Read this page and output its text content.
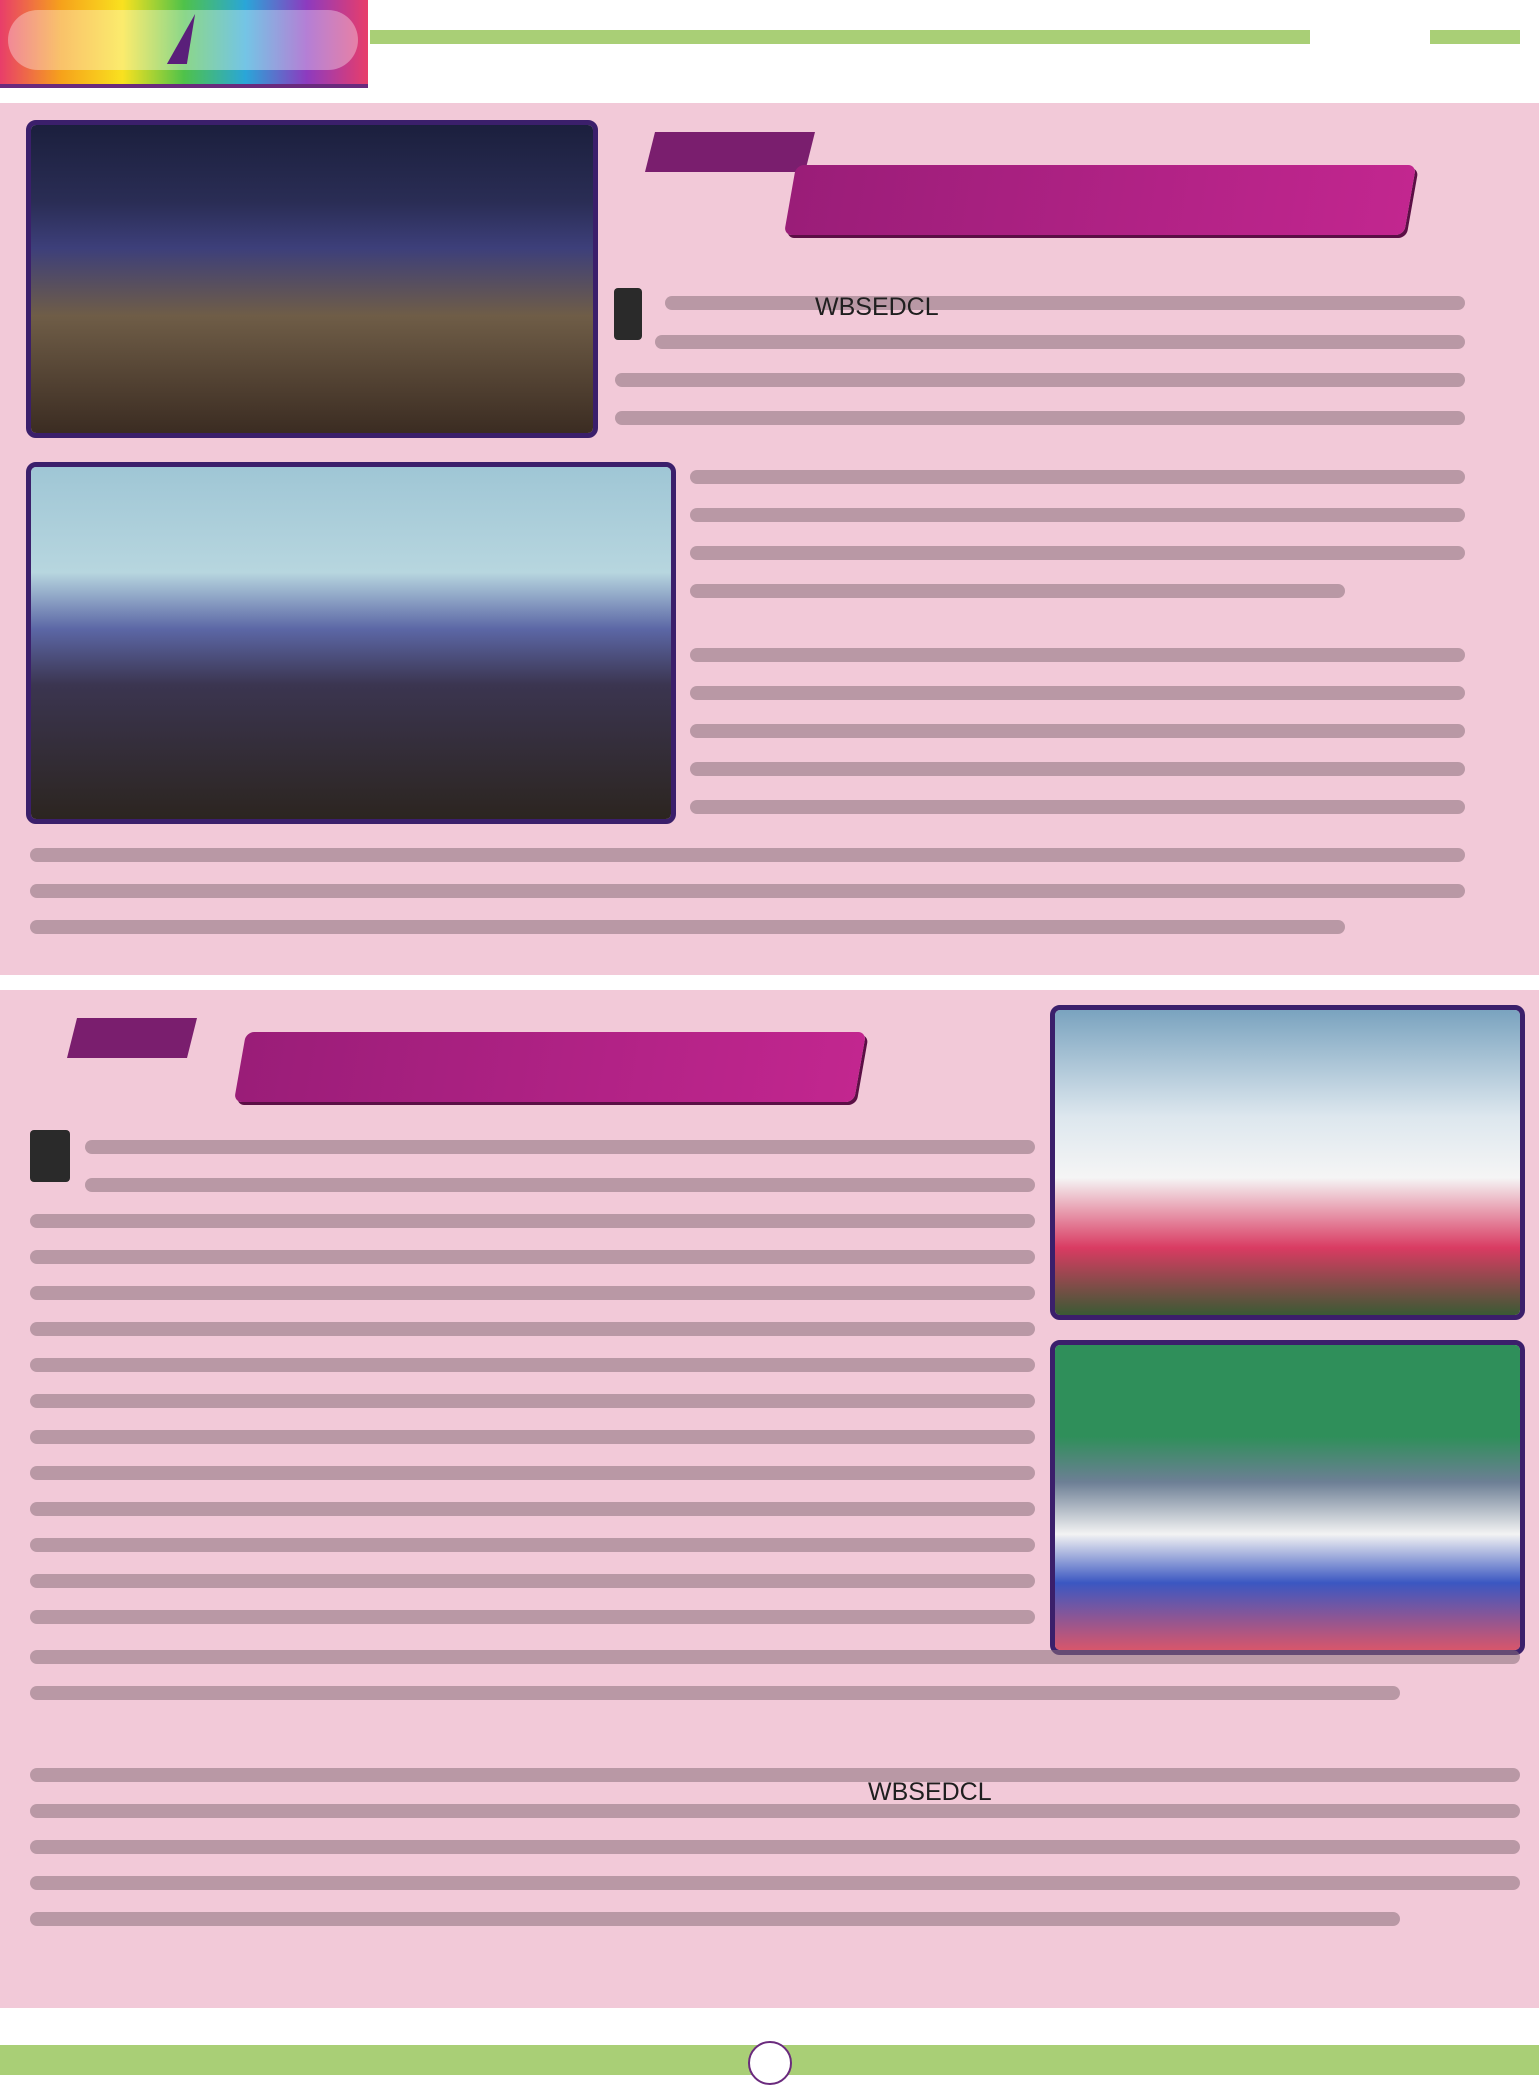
WBSEDCL
WBSEDCL
